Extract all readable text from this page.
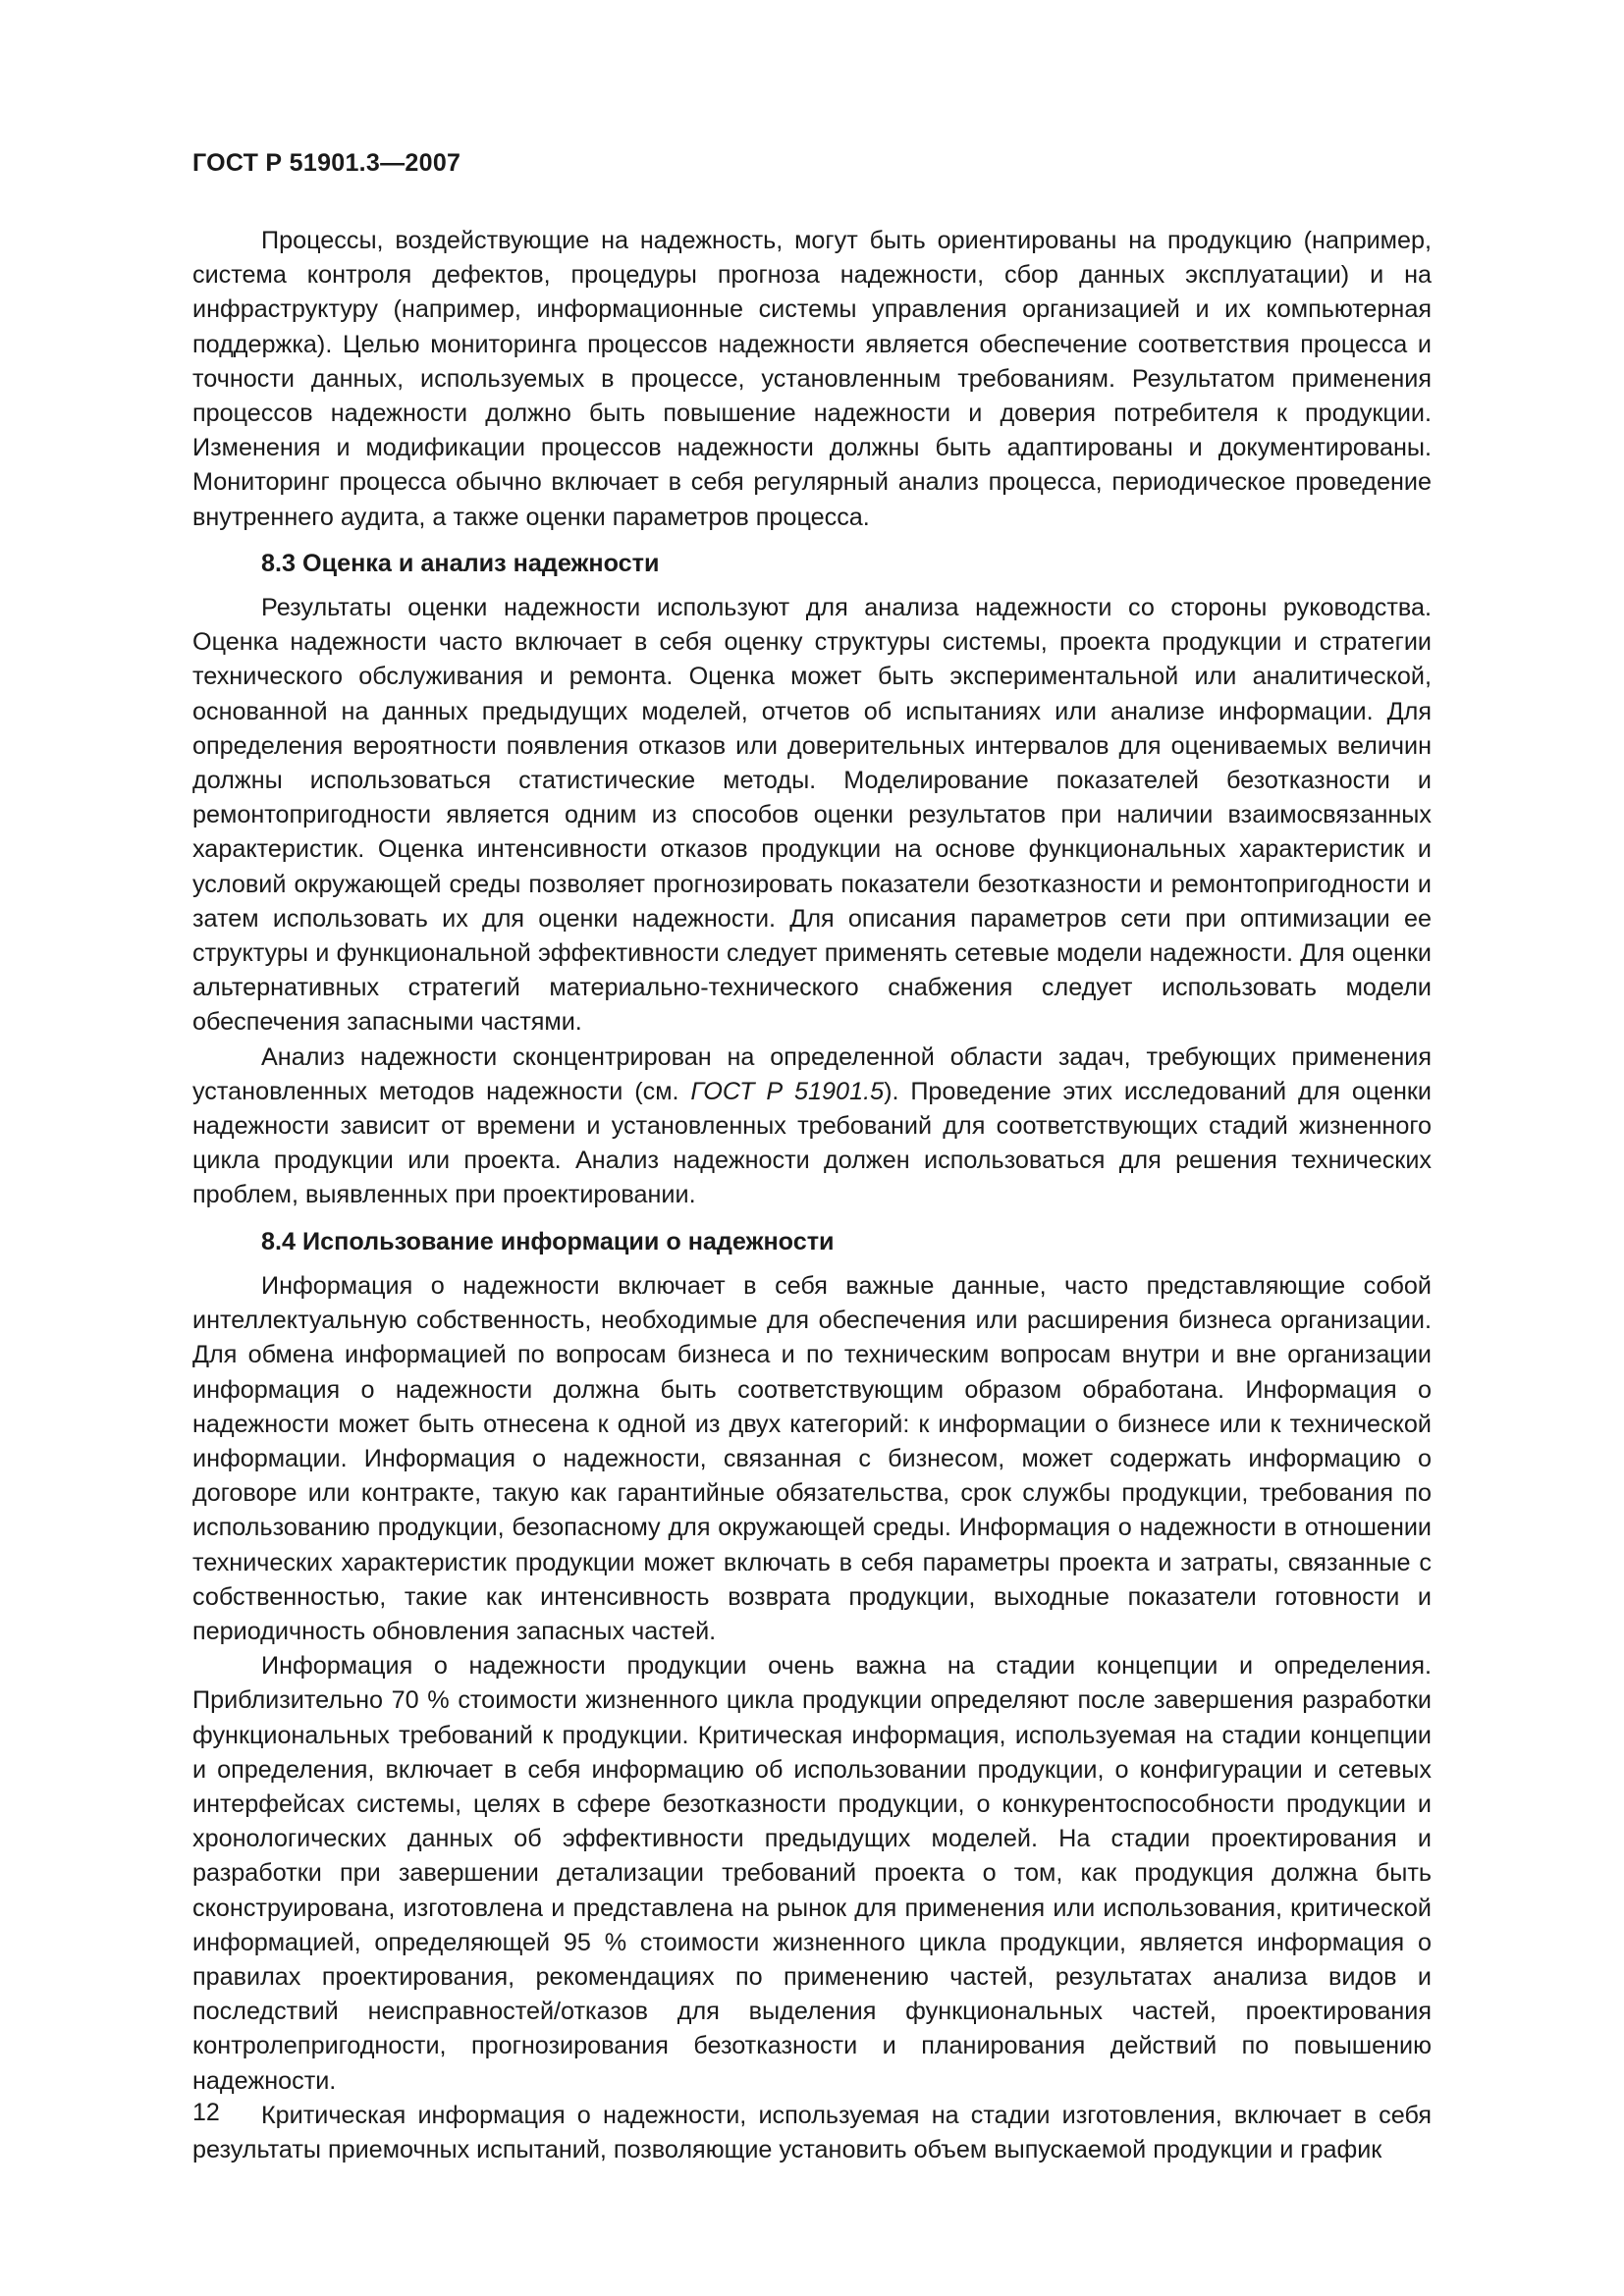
ГОСТ Р 51901.3—2007

Процессы, воздействующие на надежность, могут быть ориентированы на продукцию (например, система контроля дефектов, процедуры прогноза надежности, сбор данных эксплуатации) и на инфраструктуру (например, информационные системы управления организацией и их компьютерная поддержка). Целью мониторинга процессов надежности является обеспечение соответствия процесса и точности данных, используемых в процессе, установленным требованиям. Результатом применения процессов надежности должно быть повышение надежности и доверия потребителя к продукции. Изменения и модификации процессов надежности должны быть адаптированы и документированы. Мониторинг процесса обычно включает в себя регулярный анализ процесса, периодическое проведение внутреннего аудита, а также оценки параметров процесса.

8.3 Оценка и анализ надежности

Результаты оценки надежности используют для анализа надежности со стороны руководства. Оценка надежности часто включает в себя оценку структуры системы, проекта продукции и стратегии технического обслуживания и ремонта. Оценка может быть экспериментальной или аналитической, основанной на данных предыдущих моделей, отчетов об испытаниях или анализе информации. Для определения вероятности появления отказов или доверительных интервалов для оцениваемых величин должны использоваться статистические методы. Моделирование показателей безотказности и ремонтопригодности является одним из способов оценки результатов при наличии взаимосвязанных характеристик. Оценка интенсивности отказов продукции на основе функциональных характеристик и условий окружающей среды позволяет прогнозировать показатели безотказности и ремонтопригодности и затем использовать их для оценки надежности. Для описания параметров сети при оптимизации ее структуры и функциональной эффективности следует применять сетевые модели надежности. Для оценки альтернативных стратегий материально-технического снабжения следует использовать модели обеспечения запасными частями.

Анализ надежности сконцентрирован на определенной области задач, требующих применения установленных методов надежности (см. ГОСТ Р 51901.5). Проведение этих исследований для оценки надежности зависит от времени и установленных требований для соответствующих стадий жизненного цикла продукции или проекта. Анализ надежности должен использоваться для решения технических проблем, выявленных при проектировании.

8.4 Использование информации о надежности

Информация о надежности включает в себя важные данные, часто представляющие собой интеллектуальную собственность, необходимые для обеспечения или расширения бизнеса организации. Для обмена информацией по вопросам бизнеса и по техническим вопросам внутри и вне организации информация о надежности должна быть соответствующим образом обработана. Информация о надежности может быть отнесена к одной из двух категорий: к информации о бизнесе или к технической информации. Информация о надежности, связанная с бизнесом, может содержать информацию о договоре или контракте, такую как гарантийные обязательства, срок службы продукции, требования по использованию продукции, безопасному для окружающей среды. Информация о надежности в отношении технических характеристик продукции может включать в себя параметры проекта и затраты, связанные с собственностью, такие как интенсивность возврата продукции, выходные показатели готовности и периодичность обновления запасных частей.

Информация о надежности продукции очень важна на стадии концепции и определения. Приблизительно 70 % стоимости жизненного цикла продукции определяют после завершения разработки функциональных требований к продукции. Критическая информация, используемая на стадии концепции и определения, включает в себя информацию об использовании продукции, о конфигурации и сетевых интерфейсах системы, целях в сфере безотказности продукции, о конкурентоспособности продукции и хронологических данных об эффективности предыдущих моделей. На стадии проектирования и разработки при завершении детализации требований проекта о том, как продукция должна быть сконструирована, изготовлена и представлена на рынок для применения или использования, критической информацией, определяющей 95 % стоимости жизненного цикла продукции, является информация о правилах проектирования, рекомендациях по применению частей, результатах анализа видов и последствий неисправностей/отказов для выделения функциональных частей, проектирования контролепригодности, прогнозирования безотказности и планирования действий по повышению надежности.

Критическая информация о надежности, используемая на стадии изготовления, включает в себя результаты приемочных испытаний, позволяющие установить объем выпускаемой продукции и график

12
